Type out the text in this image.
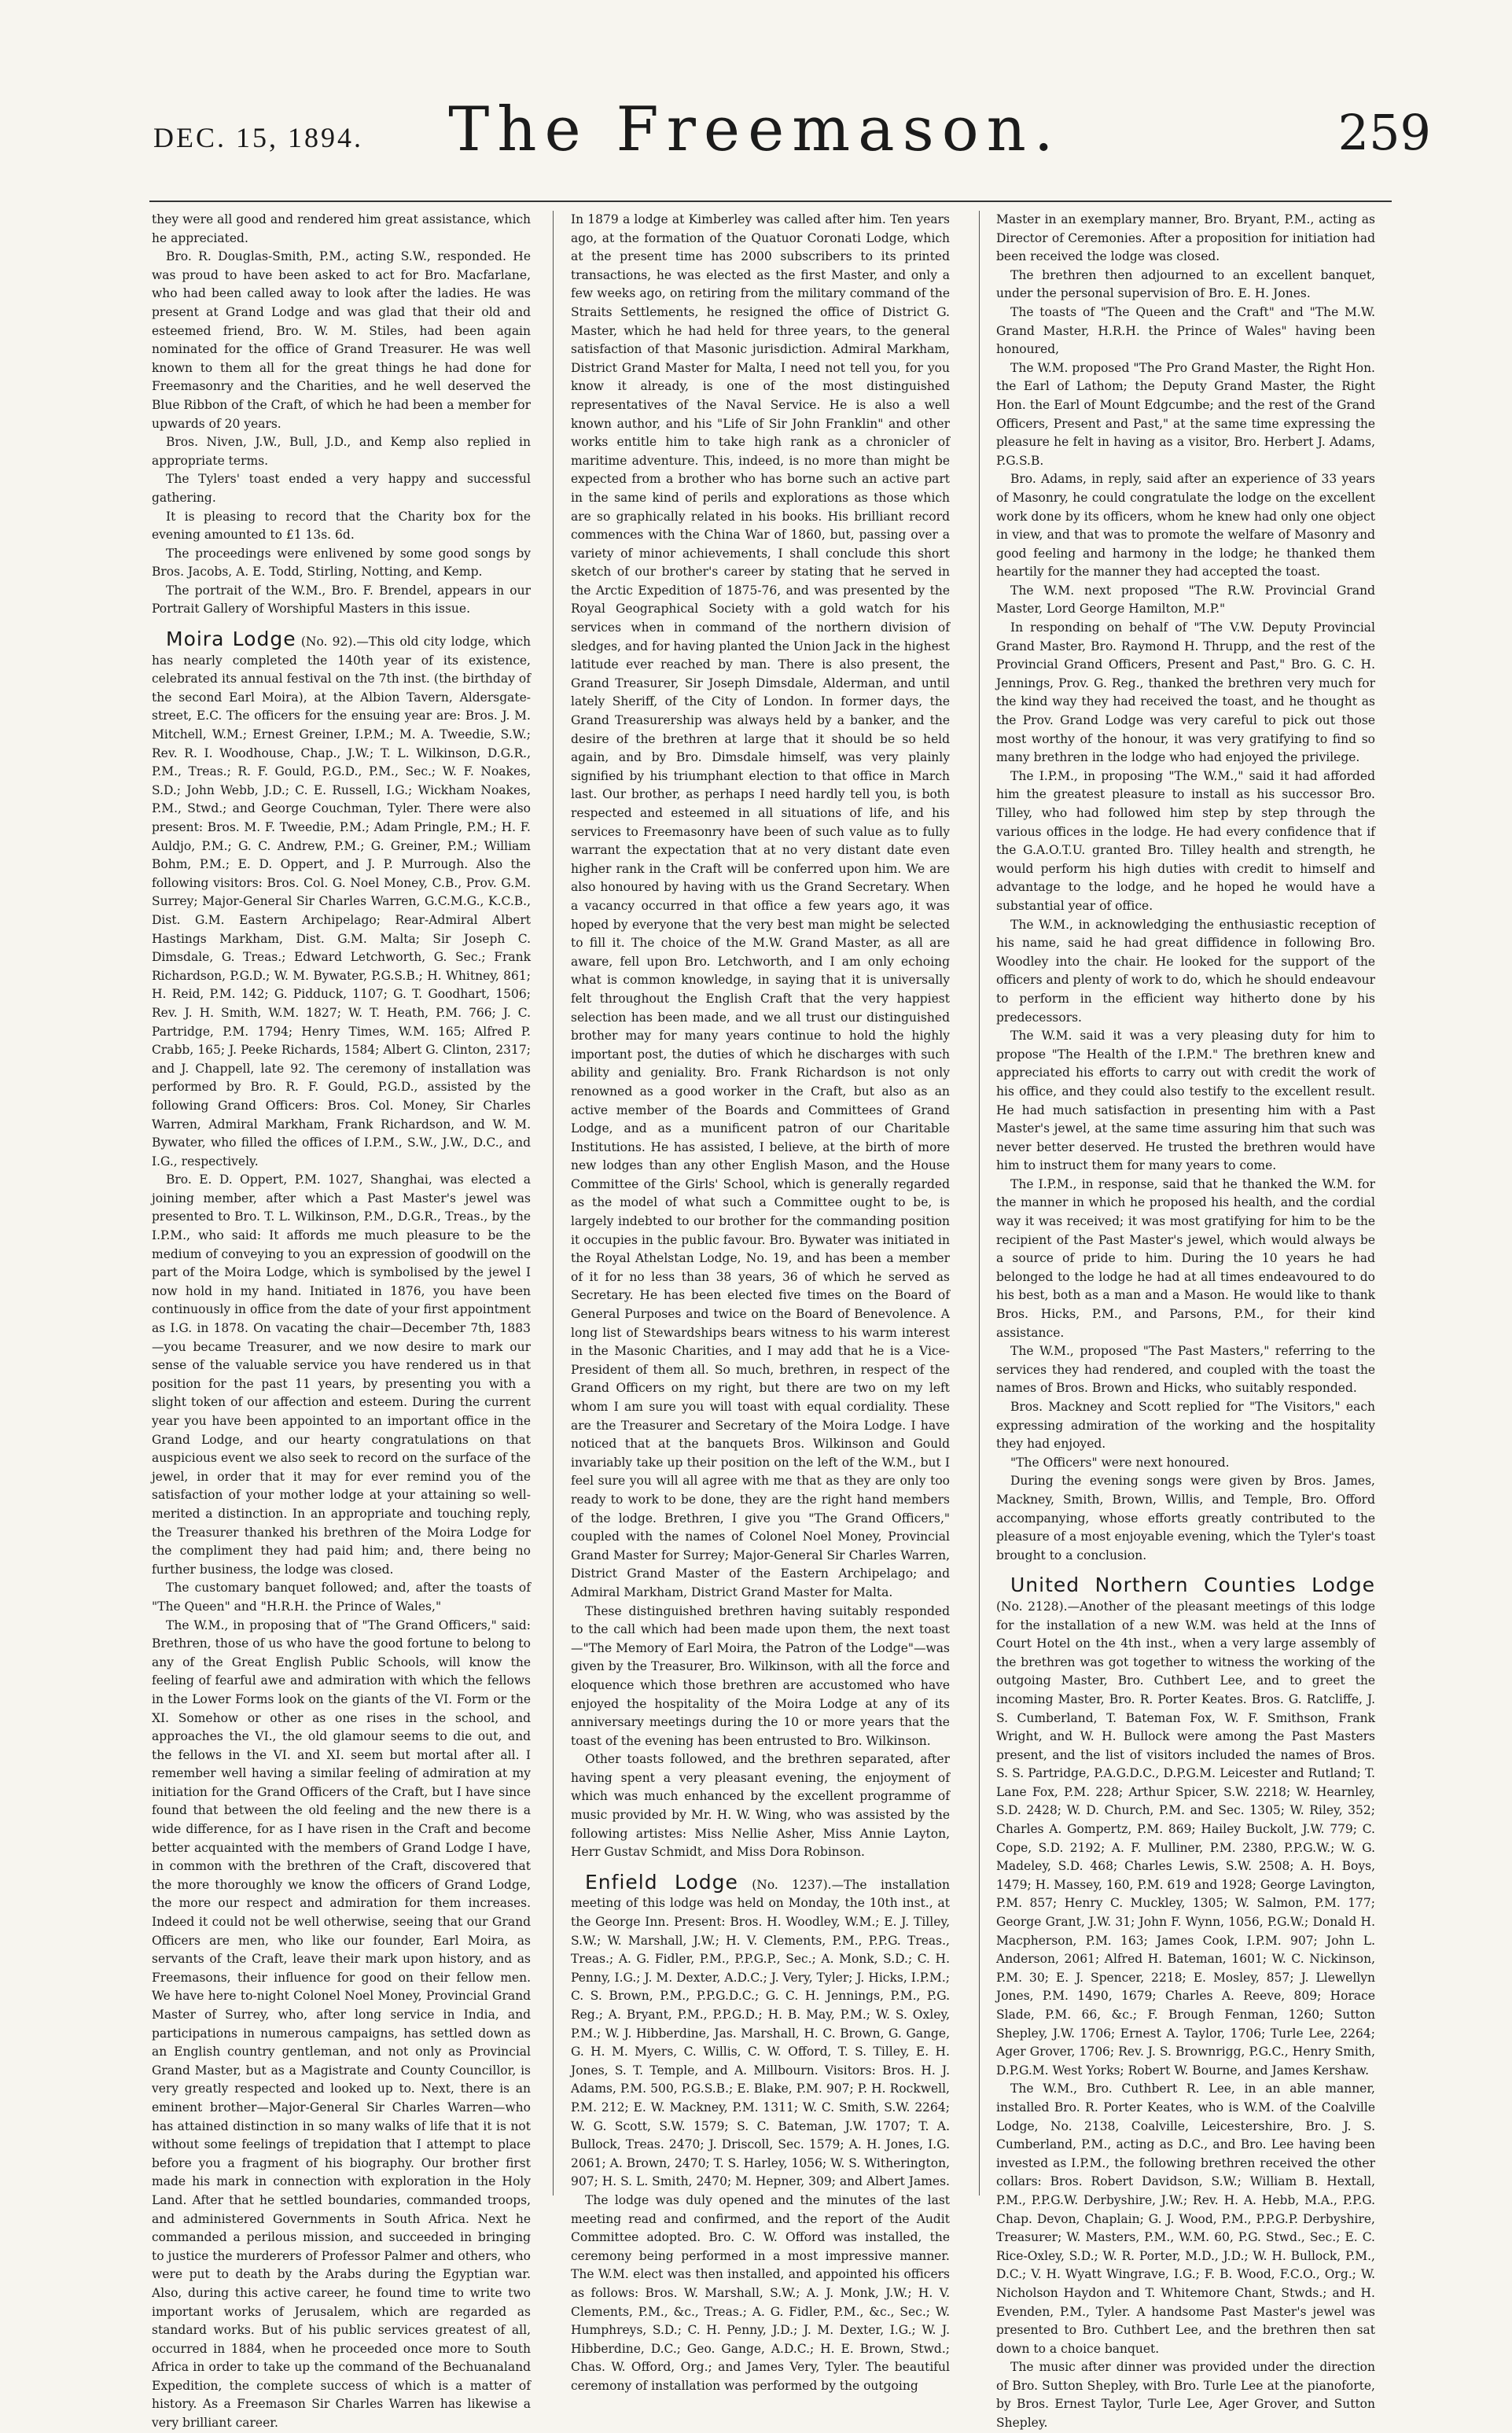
The Freemason.
DEC. 15, 1894.	259

they were all good and rendered him great assistance, which he appreciated.

Bro. R. Douglas-Smith, P.M., acting S.W., responded. He was proud to have been asked to act for Bro. Macfarlane, who had been called away to look after the ladies. He was present at Grand Lodge and was glad that their old and esteemed friend, Bro. W. M. Stiles, had been again nominated for the office of Grand Treasurer. He was well known to them all for the great things he had done for Freemasonry and the Charities, and he well deserved the Blue Ribbon of the Craft, of which he had been a member for upwards of 20 years.

Bros. Niven, J.W., Bull, J.D., and Kemp also replied in appropriate terms.

The Tylers' toast ended a very happy and successful gathering.

It is pleasing to record that the Charity box for the evening amounted to £1 13s. 6d.

The proceedings were enlivened by some good songs by Bros. Jacobs, A. E. Todd, Stirling, Notting, and Kemp.

The portrait of the W.M., Bro. F. Brendel, appears in our Portrait Gallery of Worshipful Masters in this issue.

Moira Lodge (No. 92).—This old city lodge, which has nearly completed the 140th year of its existence, celebrated its annual festival on the 7th inst. (the birthday of the second Earl Moira), at the Albion Tavern, Aldersgate-street, E.C. The officers for the ensuing year are: Bros. J. M. Mitchell, W.M.; Ernest Greiner, I.P.M.; M. A. Tweedie, S.W.; Rev. R. I. Woodhouse, Chap., J.W.; T. L. Wilkinson, D.G.R., P.M., Treas.; R. F. Gould, P.G.D., P.M., Sec.; W. F. Noakes, S.D.; John Webb, J.D.; C. E. Russell, I.G.; Wickham Noakes, P.M., Stwd.; and George Couchman, Tyler. There were also present: Bros. M. F. Tweedie, P.M.; Adam Pringle, P.M.; H. F. Auldjo, P.M.; G. C. Andrew, P.M.; G. Greiner, P.M.; William Bohm, P.M.; E. D. Oppert, and J. P. Murrough. Also the following visitors: Bros. Col. G. Noel Money, C.B., Prov. G.M. Surrey; Major-General Sir Charles Warren, G.C.M.G., K.C.B., Dist. G.M. Eastern Archipelago; Rear-Admiral Albert Hastings Markham, Dist. G.M. Malta; Sir Joseph C. Dimsdale, G. Treas.; Edward Letchworth, G. Sec.; Frank Richardson, P.G.D.; W. M. Bywater, P.G.S.B.; H. Whitney, 861; H. Reid, P.M. 142; G. Pidduck, 1107; G. T. Goodhart, 1506; Rev. J. H. Smith, W.M. 1827; W. T. Heath, P.M. 766; J. C. Partridge, P.M. 1794; Henry Times, W.M. 165; Alfred P. Crabb, 165; J. Peeke Richards, 1584; Albert G. Clinton, 2317; and J. Chappell, late 92. The ceremony of installation was performed by Bro. R. F. Gould, P.G.D., assisted by the following Grand Officers: Bros. Col. Money, Sir Charles Warren, Admiral Markham, Frank Richardson, and W. M. Bywater, who filled the offices of I.P.M., S.W., J.W., D.C., and I.G., respectively.

Bro. E. D. Oppert, P.M. 1027, Shanghai, was elected a joining member, after which a Past Master's jewel was presented to Bro. T. L. Wilkinson, P.M., D.G.R., Treas., by the I.P.M., who said: It affords me much pleasure to be the medium of conveying to you an expression of goodwill on the part of the Moira Lodge, which is symbolised by the jewel I now hold in my hand. Initiated in 1876, you have been continuously in office from the date of your first appointment as I.G. in 1878. On vacating the chair—December 7th, 1883—you became Treasurer, and we now desire to mark our sense of the valuable service you have rendered us in that position for the past 11 years, by presenting you with a slight token of our affection and esteem. During the current year you have been appointed to an important office in the Grand Lodge, and our hearty congratulations on that auspicious event we also seek to record on the surface of the jewel, in order that it may for ever remind you of the satisfaction of your mother lodge at your attaining so well-merited a distinction. In an appropriate and touching reply, the Treasurer thanked his brethren of the Moira Lodge for the compliment they had paid him; and, there being no further business, the lodge was closed.

The customary banquet followed; and, after the toasts of "The Queen" and "H.R.H. the Prince of Wales,"

The W.M., in proposing that of "The Grand Officers," said: Brethren, those of us who have the good fortune to belong to any of the Great English Public Schools, will know the feeling of fearful awe and admiration with which the fellows in the Lower Forms look on the giants of the VI. Form or the XI. Somehow or other as one rises in the school, and approaches the VI., the old glamour seems to die out, and the fellows in the VI. and XI. seem but mortal after all. I remember well having a similar feeling of admiration at my initiation for the Grand Officers of the Craft, but I have since found that between the old feeling and the new there is a wide difference, for as I have risen in the Craft and become better acquainted with the members of Grand Lodge I have, in common with the brethren of the Craft, discovered that the more thoroughly we know the officers of Grand Lodge, the more our respect and admiration for them increases. Indeed it could not be well otherwise, seeing that our Grand Officers are men, who like our founder, Earl Moira, as servants of the Craft, leave their mark upon history, and as Freemasons, their influence for good on their fellow men. We have here to-night Colonel Noel Money, Provincial Grand Master of Surrey, who, after long service in India, and participations in numerous campaigns, has settled down as an English country gentleman, and not only as Provincial Grand Master, but as a Magistrate and County Councillor, is very greatly respected and looked up to. Next, there is an eminent brother—Major-General Sir Charles Warren—who has attained distinction in so many walks of life that it is not without some feelings of trepidation that I attempt to place before you a fragment of his biography. Our brother first made his mark in connection with exploration in the Holy Land. After that he settled boundaries, commanded troops, and administered Governments in South Africa. Next he commanded a perilous mission, and succeeded in bringing to justice the murderers of Professor Palmer and others, who were put to death by the Arabs during the Egyptian war. Also, during this active career, he found time to write two important works of Jerusalem, which are regarded as standard works. But of his public services greatest of all, occurred in 1884, when he proceeded once more to South Africa in order to take up the command of the Bechuanaland Expedition, the complete success of which is a matter of history. As a Freemason Sir Charles Warren has likewise a very brilliant career.

In 1879 a lodge at Kimberley was called after him. Ten years ago, at the formation of the Quatuor Coronati Lodge, which at the present time has 2000 subscribers to its printed transactions, he was elected as the first Master, and only a few weeks ago, on retiring from the military command of the Straits Settlements, he resigned the office of District G. Master, which he had held for three years, to the general satisfaction of that Masonic jurisdiction. Admiral Markham, District Grand Master for Malta, I need not tell you, for you know it already, is one of the most distinguished representatives of the Naval Service. He is also a well known author, and his "Life of Sir John Franklin" and other works entitle him to take high rank as a chronicler of maritime adventure. This, indeed, is no more than might be expected from a brother who has borne such an active part in the same kind of perils and explorations as those which are so graphically related in his books. His brilliant record commences with the China War of 1860, but, passing over a variety of minor achievements, I shall conclude this short sketch of our brother's career by stating that he served in the Arctic Expedition of 1875-76, and was presented by the Royal Geographical Society with a gold watch for his services when in command of the northern division of sledges, and for having planted the Union Jack in the highest latitude ever reached by man. There is also present, the Grand Treasurer, Sir Joseph Dimsdale, Alderman, and until lately Sheriff, of the City of London. In former days, the Grand Treasurership was always held by a banker, and the desire of the brethren at large that it should be so held again, and by Bro. Dimsdale himself, was very plainly signified by his triumphant election to that office in March last. Our brother, as perhaps I need hardly tell you, is both respected and esteemed in all situations of life, and his services to Freemasonry have been of such value as to fully warrant the expectation that at no very distant date even higher rank in the Craft will be conferred upon him. We are also honoured by having with us the Grand Secretary. When a vacancy occurred in that office a few years ago, it was hoped by everyone that the very best man might be selected to fill it. The choice of the M.W. Grand Master, as all are aware, fell upon Bro. Letchworth, and I am only echoing what is common knowledge, in saying that it is universally felt throughout the English Craft that the very happiest selection has been made, and we all trust our distinguished brother may for many years continue to hold the highly important post, the duties of which he discharges with such ability and geniality. Bro. Frank Richardson is not only renowned as a good worker in the Craft, but also as an active member of the Boards and Committees of Grand Lodge, and as a munificent patron of our Charitable Institutions. He has assisted, I believe, at the birth of more new lodges than any other English Mason, and the House Committee of the Girls' School, which is generally regarded as the model of what such a Committee ought to be, is largely indebted to our brother for the commanding position it occupies in the public favour. Bro. Bywater was initiated in the Royal Athelstan Lodge, No. 19, and has been a member of it for no less than 38 years, 36 of which he served as Secretary. He has been elected five times on the Board of General Purposes and twice on the Board of Benevolence. A long list of Stewardships bears witness to his warm interest in the Masonic Charities, and I may add that he is a Vice-President of them all. So much, brethren, in respect of the Grand Officers on my right, but there are two on my left whom I am sure you will toast with equal cordiality. These are the Treasurer and Secretary of the Moira Lodge. I have noticed that at the banquets Bros. Wilkinson and Gould invariably take up their position on the left of the W.M., but I feel sure you will all agree with me that as they are only too ready to work to be done, they are the right hand members of the lodge. Brethren, I give you "The Grand Officers," coupled with the names of Colonel Noel Money, Provincial Grand Master for Surrey; Major-General Sir Charles Warren, District Grand Master of the Eastern Archipelago; and Admiral Markham, District Grand Master for Malta.

These distinguished brethren having suitably responded to the call which had been made upon them, the next toast—"The Memory of Earl Moira, the Patron of the Lodge"—was given by the Treasurer, Bro. Wilkinson, with all the force and eloquence which those brethren are accustomed who have enjoyed the hospitality of the Moira Lodge at any of its anniversary meetings during the 10 or more years that the toast of the evening has been entrusted to Bro. Wilkinson.

Other toasts followed, and the brethren separated, after having spent a very pleasant evening, the enjoyment of which was much enhanced by the excellent programme of music provided by Mr. H. W. Wing, who was assisted by the following artistes: Miss Nellie Asher, Miss Annie Layton, Herr Gustav Schmidt, and Miss Dora Robinson.

Enfield Lodge (No. 1237).—The installation meeting of this lodge was held on Monday, the 10th inst., at the George Inn. Present: Bros. H. Woodley, W.M.; E. J. Tilley, S.W.; W. Marshall, J.W.; H. V. Clements, P.M., P.P.G. Treas., Treas.; A. G. Fidler, P.M., P.P.G.P., Sec.; A. Monk, S.D.; C. H. Penny, I.G.; J. M. Dexter, A.D.C.; J. Very, Tyler; J. Hicks, I.P.M.; C. S. Brown, P.M., P.P.G.D.C.; G. C. H. Jennings, P.M., P.G. Reg.; A. Bryant, P.M., P.P.G.D.; H. B. May, P.M.; W. S. Oxley, P.M.; W. J. Hibberdine, Jas. Marshall, H. C. Brown, G. Gange, G. H. M. Myers, C. Willis, C. W. Offord, T. S. Tilley, E. H. Jones, S. T. Temple, and A. Millbourn. Visitors: Bros. H. J. Adams, P.M. 500, P.G.S.B.; E. Blake, P.M. 907; P. H. Rockwell, P.M. 212; E. W. Mackney, P.M. 1311; W. C. Smith, S.W. 2264; W. G. Scott, S.W. 1579; S. C. Bateman, J.W. 1707; T. A. Bullock, Treas. 2470; J. Driscoll, Sec. 1579; A. H. Jones, I.G. 2061; A. Brown, 2470; T. S. Harley, 1056; W. S. Witherington, 907; H. S. L. Smith, 2470; M. Hepner, 309; and Albert James.

The lodge was duly opened and the minutes of the last meeting read and confirmed, and the report of the Audit Committee adopted. Bro. C. W. Offord was installed, the ceremony being performed in a most impressive manner. The W.M. elect was then installed, and appointed his officers as follows: Bros. W. Marshall, S.W.; A. J. Monk, J.W.; H. V. Clements, P.M., &c., Treas.; A. G. Fidler, P.M., &c., Sec.; W. Humphreys, S.D.; C. H. Penny, J.D.; J. M. Dexter, I.G.; W. J. Hibberdine, D.C.; Geo. Gange, A.D.C.; H. E. Brown, Stwd.; Chas. W. Offord, Org.; and James Very, Tyler. The beautiful ceremony of installation was performed by the outgoing

Master in an exemplary manner, Bro. Bryant, P.M., acting as Director of Ceremonies. After a proposition for initiation had been received the lodge was closed.

The brethren then adjourned to an excellent banquet, under the personal supervision of Bro. E. H. Jones.

The toasts of "The Queen and the Craft" and "The M.W. Grand Master, H.R.H. the Prince of Wales" having been honoured,

The W.M. proposed "The Pro Grand Master, the Right Hon. the Earl of Lathom; the Deputy Grand Master, the Right Hon. the Earl of Mount Edgcumbe; and the rest of the Grand Officers, Present and Past," at the same time expressing the pleasure he felt in having as a visitor, Bro. Herbert J. Adams, P.G.S.B.

Bro. Adams, in reply, said after an experience of 33 years of Masonry, he could congratulate the lodge on the excellent work done by its officers, whom he knew had only one object in view, and that was to promote the welfare of Masonry and good feeling and harmony in the lodge; he thanked them heartily for the manner they had accepted the toast.

The W.M. next proposed "The R.W. Provincial Grand Master, Lord George Hamilton, M.P."

In responding on behalf of "The V.W. Deputy Provincial Grand Master, Bro. Raymond H. Thrupp, and the rest of the Provincial Grand Officers, Present and Past," Bro. G. C. H. Jennings, Prov. G. Reg., thanked the brethren very much for the kind way they had received the toast, and he thought as the Prov. Grand Lodge was very careful to pick out those most worthy of the honour, it was very gratifying to find so many brethren in the lodge who had enjoyed the privilege.

The I.P.M., in proposing "The W.M.," said it had afforded him the greatest pleasure to install as his successor Bro. Tilley, who had followed him step by step through the various offices in the lodge. He had every confidence that if the G.A.O.T.U. granted Bro. Tilley health and strength, he would perform his high duties with credit to himself and advantage to the lodge, and he hoped he would have a substantial year of office.

The W.M., in acknowledging the enthusiastic reception of his name, said he had great diffidence in following Bro. Woodley into the chair. He looked for the support of the officers and plenty of work to do, which he should endeavour to perform in the efficient way hitherto done by his predecessors.

The W.M. said it was a very pleasing duty for him to propose "The Health of the I.P.M." The brethren knew and appreciated his efforts to carry out with credit the work of his office, and they could also testify to the excellent result. He had much satisfaction in presenting him with a Past Master's jewel, at the same time assuring him that such was never better deserved. He trusted the brethren would have him to instruct them for many years to come.

The I.P.M., in response, said that he thanked the W.M. for the manner in which he proposed his health, and the cordial way it was received; it was most gratifying for him to be the recipient of the Past Master's jewel, which would always be a source of pride to him. During the 10 years he had belonged to the lodge he had at all times endeavoured to do his best, both as a man and a Mason. He would like to thank Bros. Hicks, P.M., and Parsons, P.M., for their kind assistance.

The W.M., proposed "The Past Masters," referring to the services they had rendered, and coupled with the toast the names of Bros. Brown and Hicks, who suitably responded.

Bros. Mackney and Scott replied for "The Visitors," each expressing admiration of the working and the hospitality they had enjoyed.

"The Officers" were next honoured.

During the evening songs were given by Bros. James, Mackney, Smith, Brown, Willis, and Temple, Bro. Offord accompanying, whose efforts greatly contributed to the pleasure of a most enjoyable evening, which the Tyler's toast brought to a conclusion.

United Northern Counties Lodge (No. 2128).—Another of the pleasant meetings of this lodge for the installation of a new W.M. was held at the Inns of Court Hotel on the 4th inst., when a very large assembly of the brethren was got together to witness the working of the outgoing Master, Bro. Cuthbert Lee, and to greet the incoming Master, Bro. R. Porter Keates. Bros. G. Ratcliffe, J. S. Cumberland, T. Bateman Fox, W. F. Smithson, Frank Wright, and W. H. Bullock were among the Past Masters present, and the list of visitors included the names of Bros. S. S. Partridge, P.A.G.D.C., D.P.G.M. Leicester and Rutland; T. Lane Fox, P.M. 228; Arthur Spicer, S.W. 2218; W. Hearnley, S.D. 2428; W. D. Church, P.M. and Sec. 1305; W. Riley, 352; Charles A. Gompertz, P.M. 869; Hailey Buckolt, J.W. 779; C. Cope, S.D. 2192; A. F. Mulliner, P.M. 2380, P.P.G.W.; W. G. Madeley, S.D. 468; Charles Lewis, S.W. 2508; A. H. Boys, 1479; H. Massey, 160, P.M. 619 and 1928; George Lavington, P.M. 857; Henry C. Muckley, 1305; W. Salmon, P.M. 177; George Grant, J.W. 31; John F. Wynn, 1056, P.G.W.; Donald H. Macpherson, P.M. 163; James Cook, I.P.M. 907; John L. Anderson, 2061; Alfred H. Bateman, 1601; W. C. Nickinson, P.M. 30; E. J. Spencer, 2218; E. Mosley, 857; J. Llewellyn Jones, P.M. 1490, 1679; Charles A. Reeve, 809; Horace Slade, P.M. 66, &c.; F. Brough Fenman, 1260; Sutton Shepley, J.W. 1706; Ernest A. Taylor, 1706; Turle Lee, 2264; Ager Grover, 1706; Rev. J. S. Brownrigg, P.G.C., Henry Smith, D.P.G.M. West Yorks; Robert W. Bourne, and James Kershaw.

The W.M., Bro. Cuthbert R. Lee, in an able manner, installed Bro. R. Porter Keates, who is W.M. of the Coalville Lodge, No. 2138, Coalville, Leicestershire, Bro. J. S. Cumberland, P.M., acting as D.C., and Bro. Lee having been invested as I.P.M., the following brethren received the other collars: Bros. Robert Davidson, S.W.; William B. Hextall, P.M., P.P.G.W. Derbyshire, J.W.; Rev. H. A. Hebb, M.A., P.P.G. Chap. Devon, Chaplain; G. J. Wood, P.M., P.P.G.P. Derbyshire, Treasurer; W. Masters, P.M., W.M. 60, P.G. Stwd., Sec.; E. C. Rice-Oxley, S.D.; W. R. Porter, M.D., J.D.; W. H. Bullock, P.M., D.C.; V. H. Wyatt Wingrave, I.G.; F. B. Wood, F.C.O., Org.; W. Nicholson Haydon and T. Whitemore Chant, Stwds.; and H. Evenden, P.M., Tyler. A handsome Past Master's jewel was presented to Bro. Cuthbert Lee, and the brethren then sat down to a choice banquet.

The music after dinner was provided under the direction of Bro. Sutton Shepley, with Bro. Turle Lee at the pianoforte, by Bros. Ernest Taylor, Turle Lee, Ager Grover, and Sutton Shepley.
